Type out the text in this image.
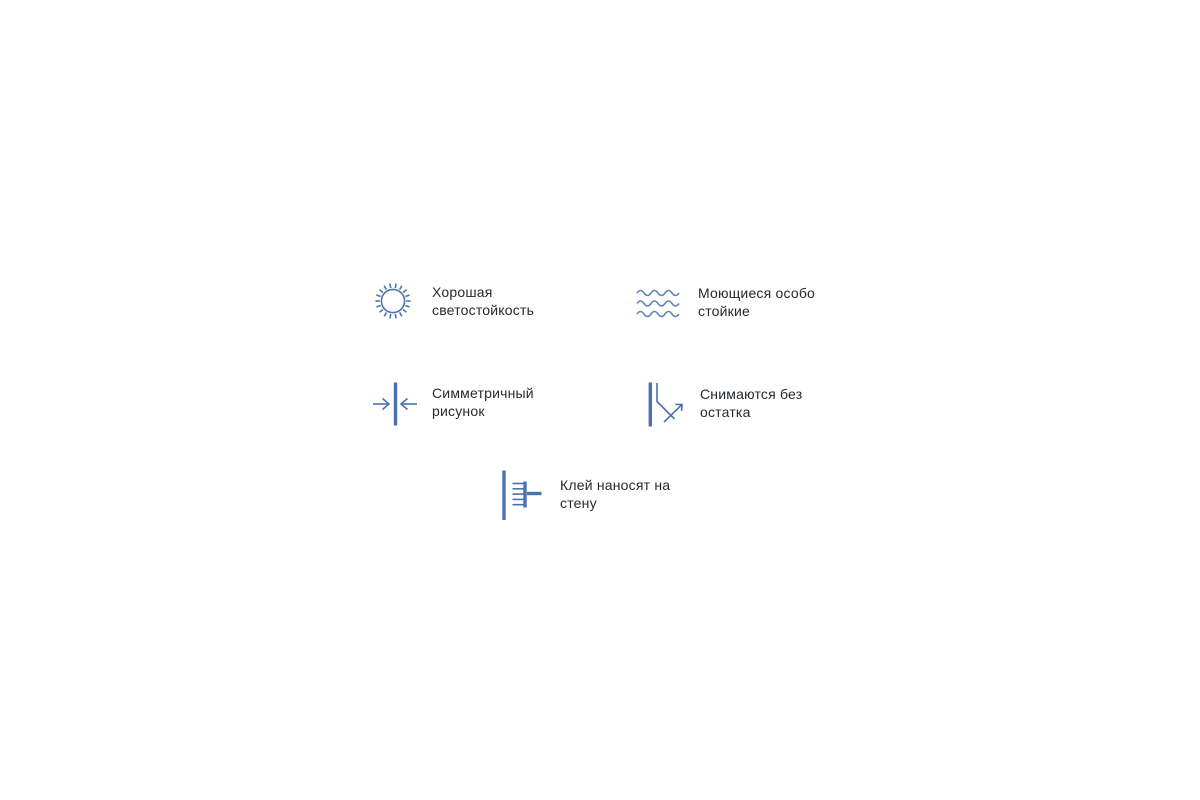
Хорошая
светостойкость
Моющиеся особо
стойкие
Симметричный
рисунок
Снимаются без
остатка
Клей наносят на
стену
